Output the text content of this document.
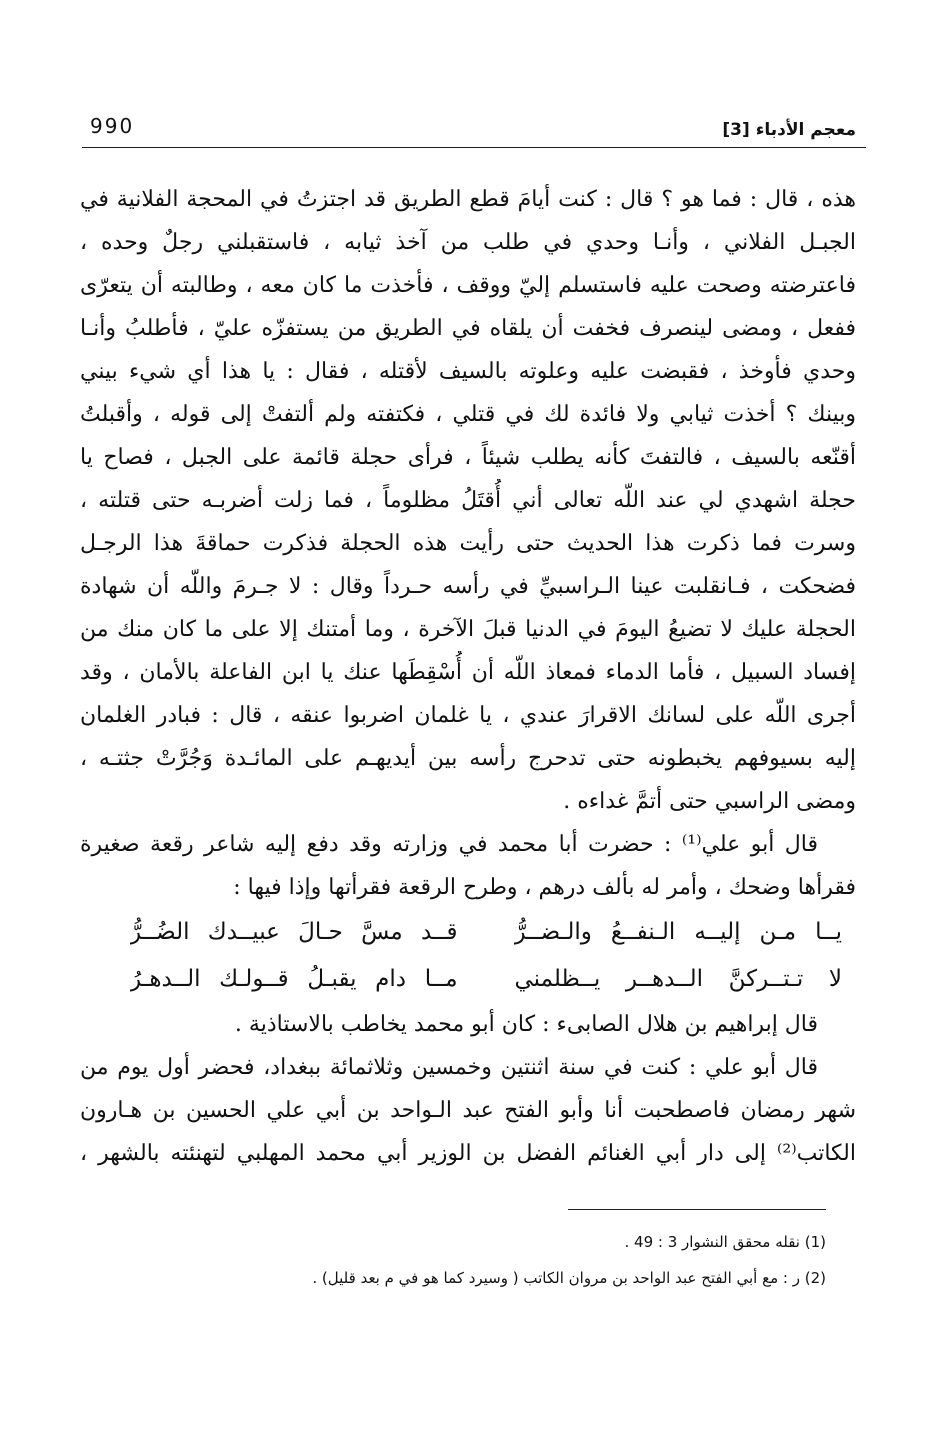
990	معجم الأدباء [3]
هذه ، قال : فما هو ؟ قال : كنت أيامَ قطع الطريق قد اجتزتُ في المحجة الفلانية في
الجبـل الفلاني ، وأنـا وحدي في طلب من آخذ ثيابه ، فاستقبلني رجلٌ وحده ،
فاعترضته وصحت عليه فاستسلم إليّ ووقف ، فأخذت ما كان معه ، وطالبته أن يتعرّى
ففعل ، ومضى لينصرف فخفت أن يلقاه في الطريق من يستفزّه عليّ ، فأطلبُ وأنـا
وحدي فأوخذ ، فقبضت عليه وعلوته بالسيف لأقتله ، فقال : يا هذا أي شيء بيني
وبينك ؟ أخذت ثيابي ولا فائدة لك في قتلي ، فكتفته ولم ألتفتْ إلى قوله ، وأقبلتُ
أقنّعه بالسيف ، فالتفتَ كأنه يطلب شيئاً ، فرأى حجلة قائمة على الجبل ، فصاح يا
حجلة اشهدي لي عند اللّه تعالى أني أُقتَلُ مظلوماً ، فما زلت أضربـه حتى قتلته ،
وسرت فما ذكرت هذا الحديث حتى رأيت هذه الحجلة فذكرت حماقةَ هذا الرجـل
فضحكت ، فـانقلبت عينا الـراسبيِّ في رأسه حـرداً وقال : لا جـرمَ واللّه أن شهادة
الحجلة عليك لا تضيعُ اليومَ في الدنيا قبلَ الآخرة ، وما أمتنك إلا على ما كان منك من
إفساد السبيل ، فأما الدماء فمعاذ اللّه أن أُسْقِطَها عنك يا ابن الفاعلة بالأمان ، وقد
أجرى اللّه على لسانك الاقرارَ عندي ، يا غلمان اضربوا عنقه ، قال : فبادر الغلمان
إليه بسيوفهم يخبطونه حتى تدحرج رأسه بين أيديهـم على المائـدة وَجُرَّتْ جثتـه ،
ومضى الراسبي حتى أتمَّ غداءه .
قال أبو علي⁽¹⁾ : حضرت أبا محمد في وزارته وقد دفع إليه شاعر رقعة صغيرة
فقرأها وضحك ، وأمر له بألف درهم ، وطرح الرقعة فقرأتها وإذا فيها :
يــا مـن إليــه الـنفــعُ والـضــرُّ
قــد مسَّ حـالَ عبيــدك الضُــرُّ
لا تـتــركنَّ الــدهــر يــظلمني
مــا دام يقبـلُ قــولـك الــدهـرُ
قال إبراهيم بن هلال الصابىء : كان أبو محمد يخاطب بالاستاذية .
قال أبو علي : كنت في سنة اثنتين وخمسين وثلاثمائة ببغداد، فحضر أول يوم من
شهر رمضان فاصطحبت أنا وأبو الفتح عبد الـواحد بن أبي علي الحسين بن هـارون
الكاتب⁽²⁾ إلى دار أبي الغنائم الفضل بن الوزير أبي محمد المهلبي لتهنئته بالشهر ،
(1) نقله محقق النشوار 3 : 49 .
(2) ر : مع أبي الفتح عبد الواحد بن مروان الكاتب ( وسيرد كما هو في م بعد قليل) .
